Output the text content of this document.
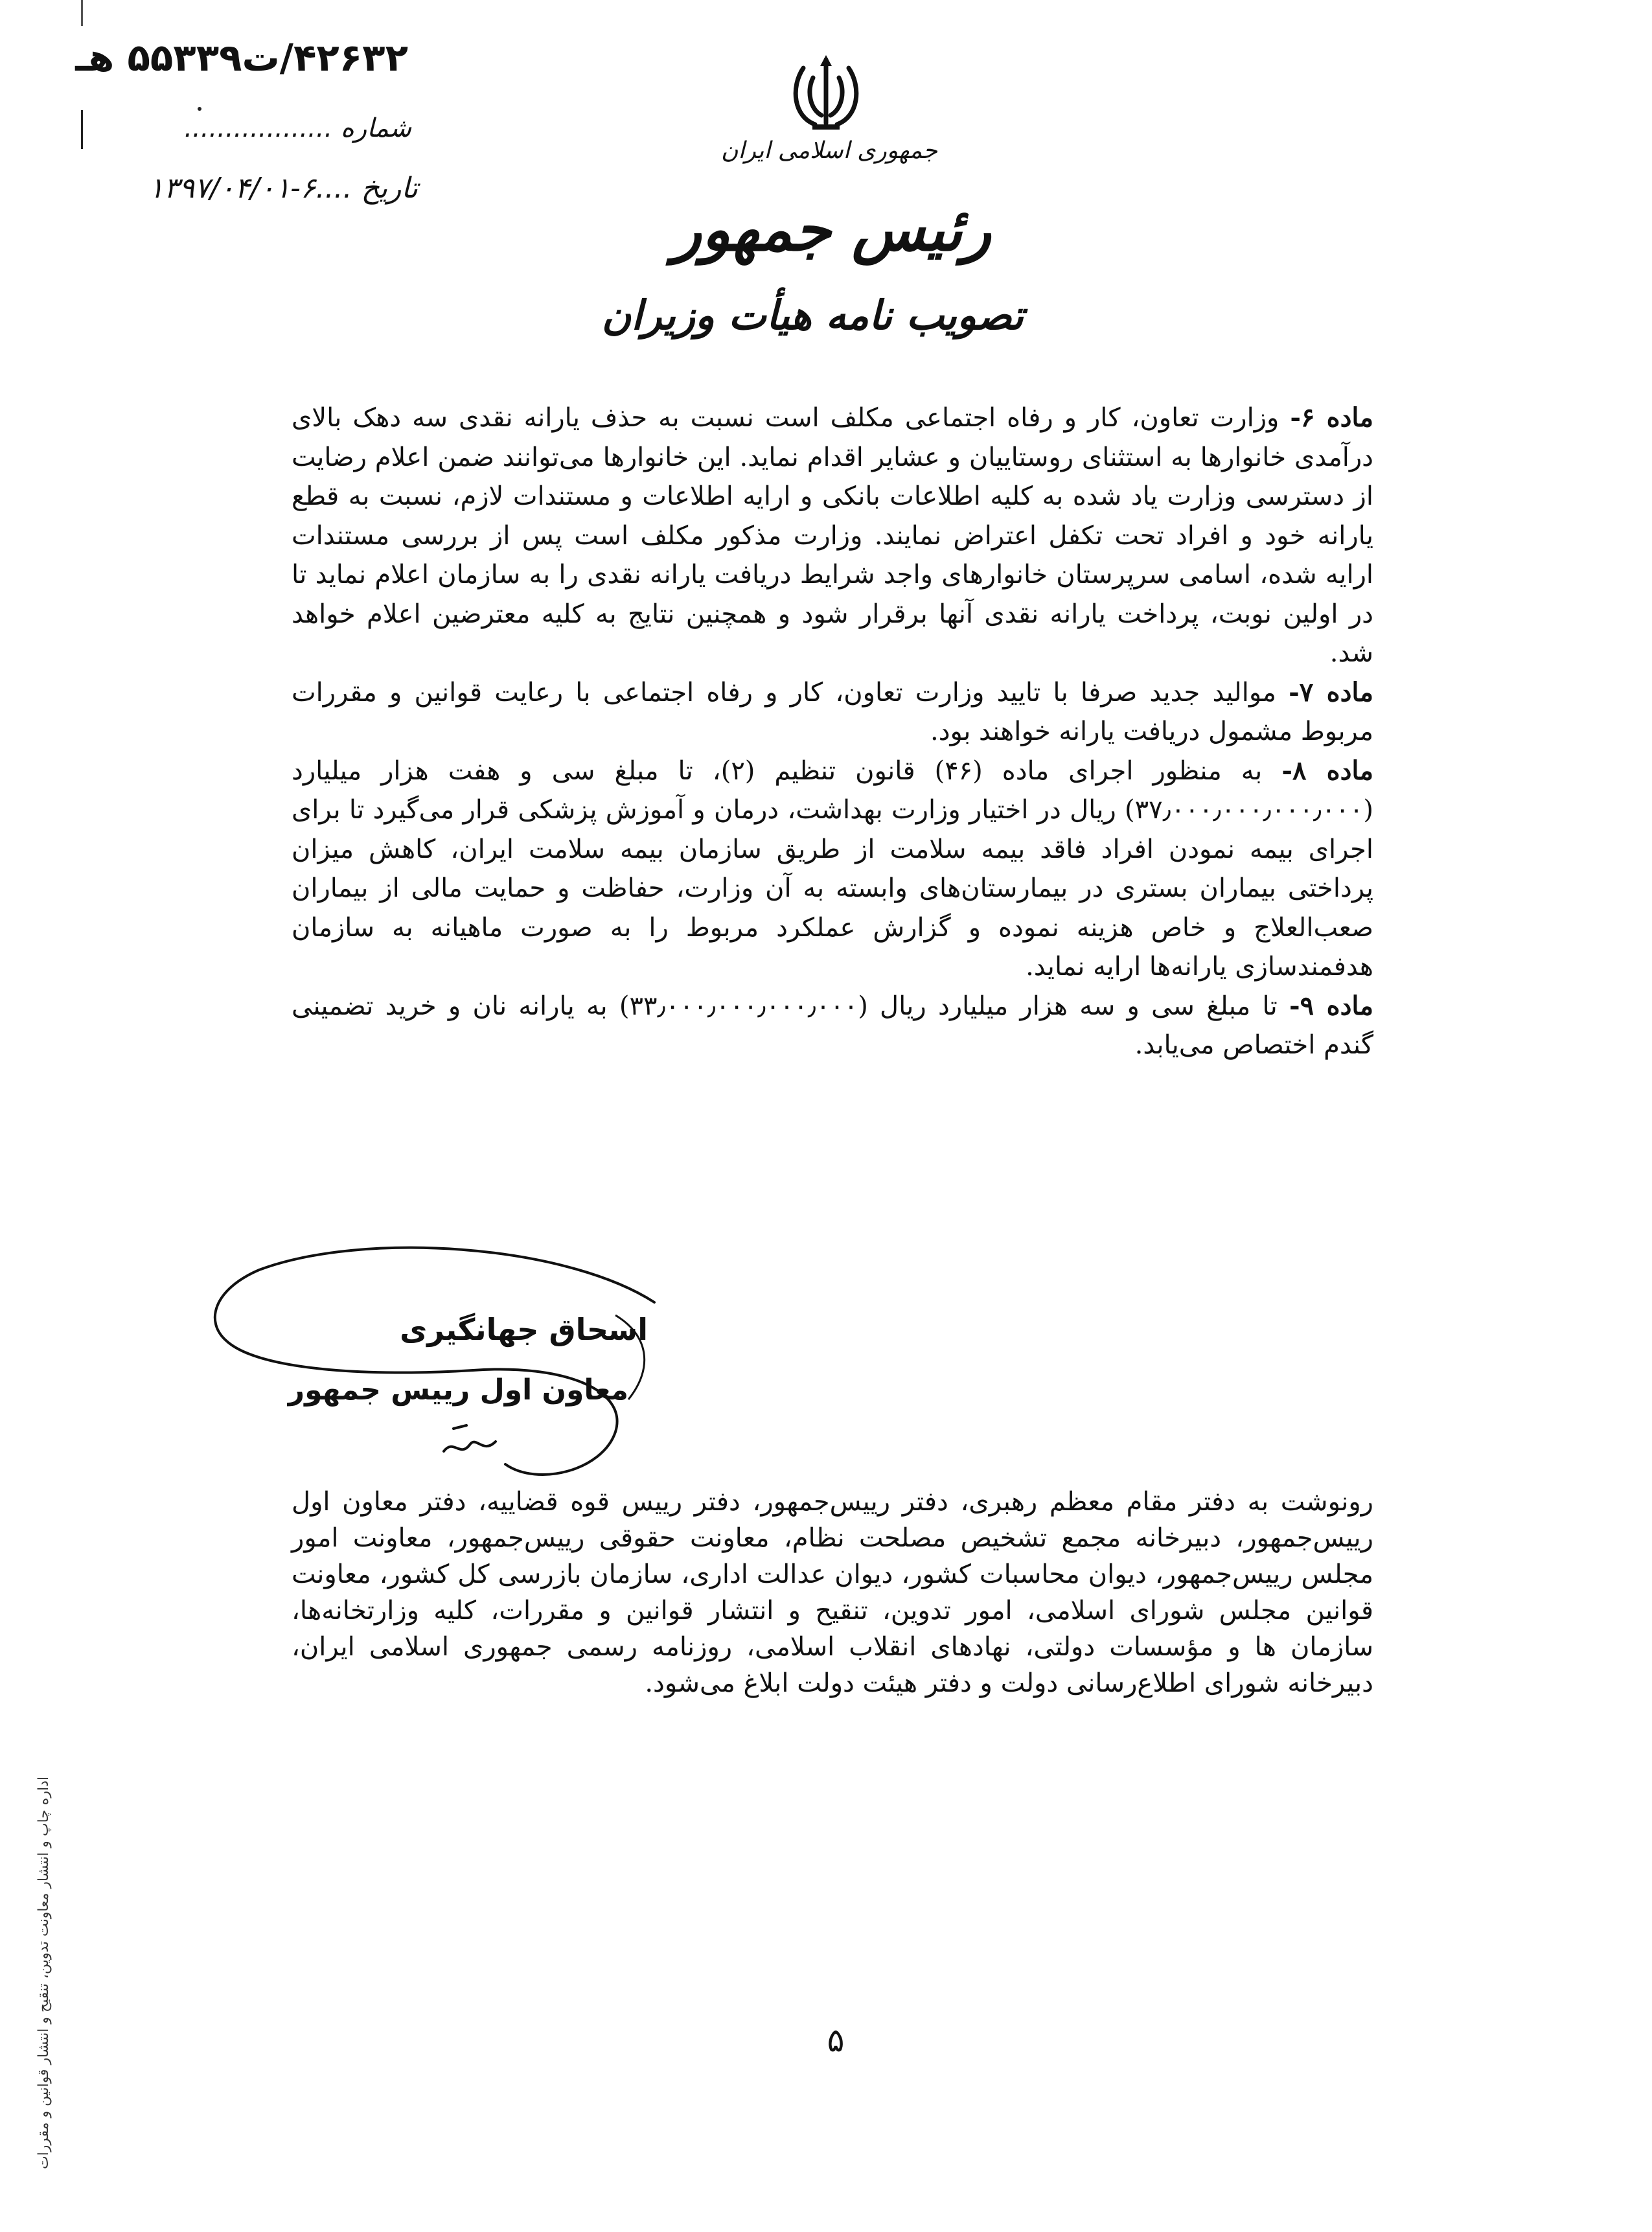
۴۲۶۳۲/ت۵۵۳۳۹ هـ
شماره ..................
تاریخ ....۶-۱۳۹۷/۰۴/۰۱
جمهوری اسلامی ایران
رئیس جمهور
تصویب نامه هیأت وزیران

ماده ۶- وزارت تعاون، کار و رفاه اجتماعی مکلف است نسبت به حذف یارانه نقدی سه دهک بالای درآمدی خانوارها به استثنای روستاییان و عشایر اقدام نماید. این خانوارها می‌توانند ضمن اعلام رضایت از دسترسی وزارت یاد شده به کلیه اطلاعات بانکی و ارایه اطلاعات و مستندات لازم، نسبت به قطع یارانه خود و افراد تحت تکفل اعتراض نمایند. وزارت مذکور مکلف است پس از بررسی مستندات ارایه شده، اسامی سرپرستان خانوارهای واجد شرایط دریافت یارانه نقدی را به سازمان اعلام نماید تا در اولین نوبت، پرداخت یارانه نقدی آنها برقرار شود و همچنین نتایج به کلیه معترضین اعلام خواهد شد.

ماده ۷- موالید جدید صرفا با تایید وزارت تعاون، کار و رفاه اجتماعی با رعایت قوانین و مقررات مربوط مشمول دریافت یارانه خواهند بود.

ماده ۸- به منظور اجرای ماده (۴۶) قانون تنظیم (۲)، تا مبلغ سی و هفت هزار میلیارد (۳۷٫۰۰۰٫۰۰۰٫۰۰۰٫۰۰۰) ریال در اختیار وزارت بهداشت، درمان و آموزش پزشکی قرار می‌گیرد تا برای اجرای بیمه نمودن افراد فاقد بیمه سلامت از طریق سازمان بیمه سلامت ایران، کاهش میزان پرداختی بیماران بستری در بیمارستان‌های وابسته به آن وزارت، حفاظت و حمایت مالی از بیماران صعب‌العلاج و خاص هزینه نموده و گزارش عملکرد مربوط را به صورت ماهیانه به سازمان هدفمندسازی یارانه‌ها ارایه نماید.

ماده ۹- تا مبلغ سی و سه هزار میلیارد ریال (۳۳٫۰۰۰٫۰۰۰٫۰۰۰٫۰۰۰) به یارانه نان و خرید تضمینی گندم اختصاص می‌یابد.

اسحاق جهانگیری
معاون اول رییس جمهور
رونوشت به دفتر مقام معظم رهبری، دفتر رییس‌جمهور، دفتر رییس قوه قضاییه، دفتر معاون اول رییس‌جمهور، دبیرخانه مجمع تشخیص مصلحت نظام، معاونت حقوقی رییس‌جمهور، معاونت امور مجلس رییس‌جمهور، دیوان محاسبات کشور، دیوان عدالت اداری، سازمان بازرسی کل کشور، معاونت قوانین مجلس شورای اسلامی، امور تدوین، تنقیح و انتشار قوانین و مقررات، کلیه وزارتخانه‌ها، سازمان ها و مؤسسات دولتی، نهادهای انقلاب اسلامی، روزنامه رسمی جمهوری اسلامی ایران، دبیرخانه شورای اطلاع‌رسانی دولت و دفتر هیئت دولت ابلاغ می‌شود.
اداره چاپ و انتشار معاونت تدوین، تنقیح و انتشار قوانین و مقررات	۵
